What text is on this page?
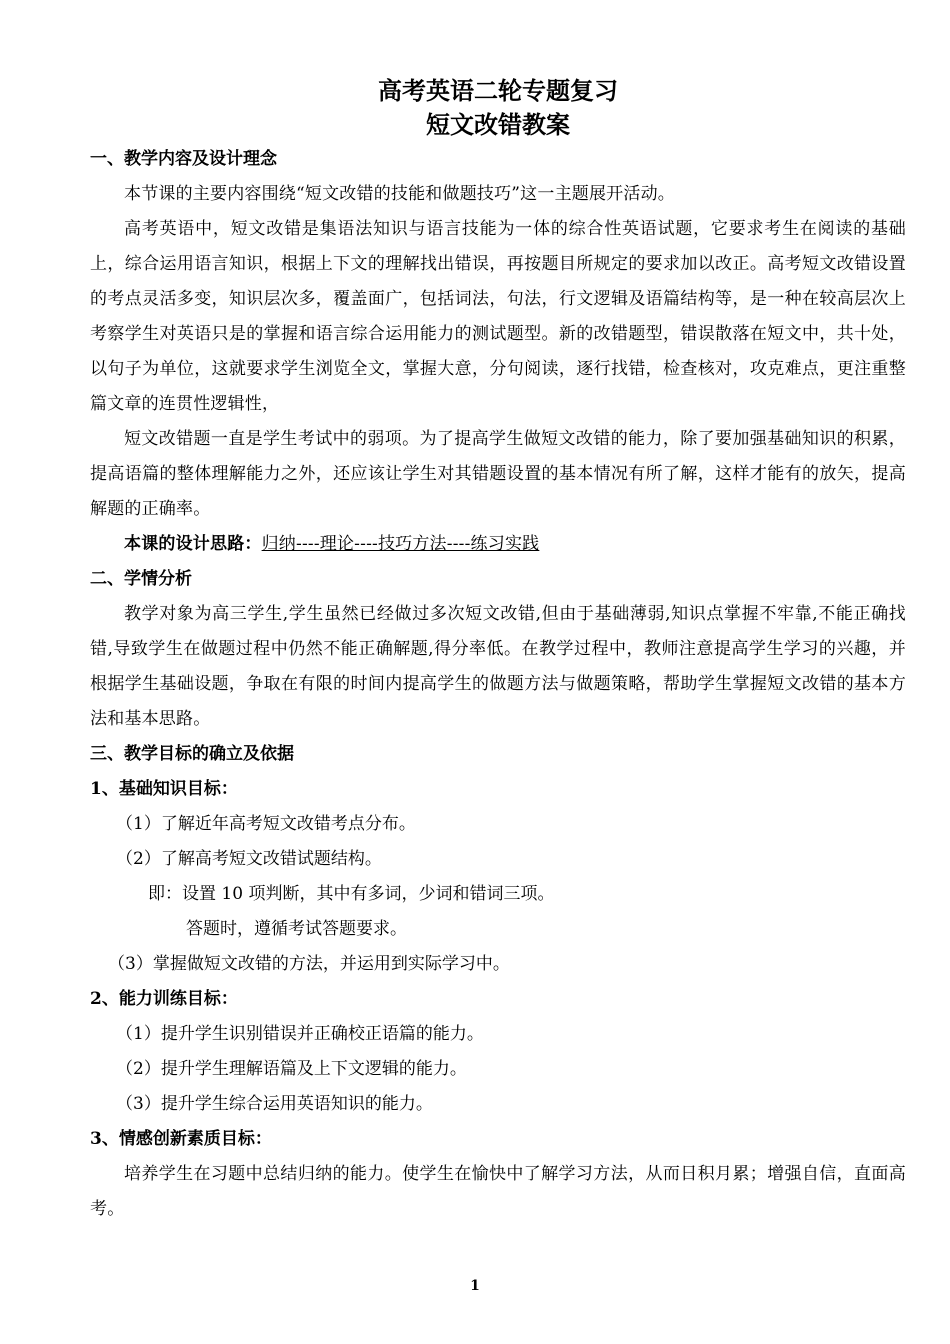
高考英语二轮专题复习
短文改错教案

一、教学内容及设计理念

本节课的主要内容围绕“短文改错的技能和做题技巧”这一主题展开活动。

高考英语中，短文改错是集语法知识与语言技能为一体的综合性英语试题，它要求考生在阅读的基础上，综合运用语言知识，根据上下文的理解找出错误，再按题目所规定的要求加以改正。高考短文改错设置的考点灵活多变，知识层次多，覆盖面广，包括词法，句法，行文逻辑及语篇结构等，是一种在较高层次上考察学生对英语只是的掌握和语言综合运用能力的测试题型。新的改错题型，错误散落在短文中，共十处，以句子为单位，这就要求学生浏览全文，掌握大意，分句阅读，逐行找错，检查核对，攻克难点，更注重整篇文章的连贯性逻辑性，

短文改错题一直是学生考试中的弱项。为了提高学生做短文改错的能力，除了要加强基础知识的积累，提高语篇的整体理解能力之外，还应该让学生对其错题设置的基本情况有所了解，这样才能有的放矢，提高解题的正确率。

本课的设计思路：归纳----理论----技巧方法----练习实践

二、学情分析

教学对象为高三学生,学生虽然已经做过多次短文改错,但由于基础薄弱,知识点掌握不牢靠,不能正确找错,导致学生在做题过程中仍然不能正确解题,得分率低。在教学过程中，教师注意提高学生学习的兴趣，并根据学生基础设题，争取在有限的时间内提高学生的做题方法与做题策略，帮助学生掌握短文改错的基本方法和基本思路。

三、教学目标的确立及依据

1、基础知识目标：

（1）了解近年高考短文改错考点分布。

（2）了解高考短文改错试题结构。

即：设置 10 项判断，其中有多词，少词和错词三项。

答题时，遵循考试答题要求。

（3）掌握做短文改错的方法，并运用到实际学习中。

2、能力训练目标：

（1）提升学生识别错误并正确校正语篇的能力。

（2）提升学生理解语篇及上下文逻辑的能力。

（3）提升学生综合运用英语知识的能力。

3、情感创新素质目标：

培养学生在习题中总结归纳的能力。使学生在愉快中了解学习方法，从而日积月累；增强自信，直面高考。

1
